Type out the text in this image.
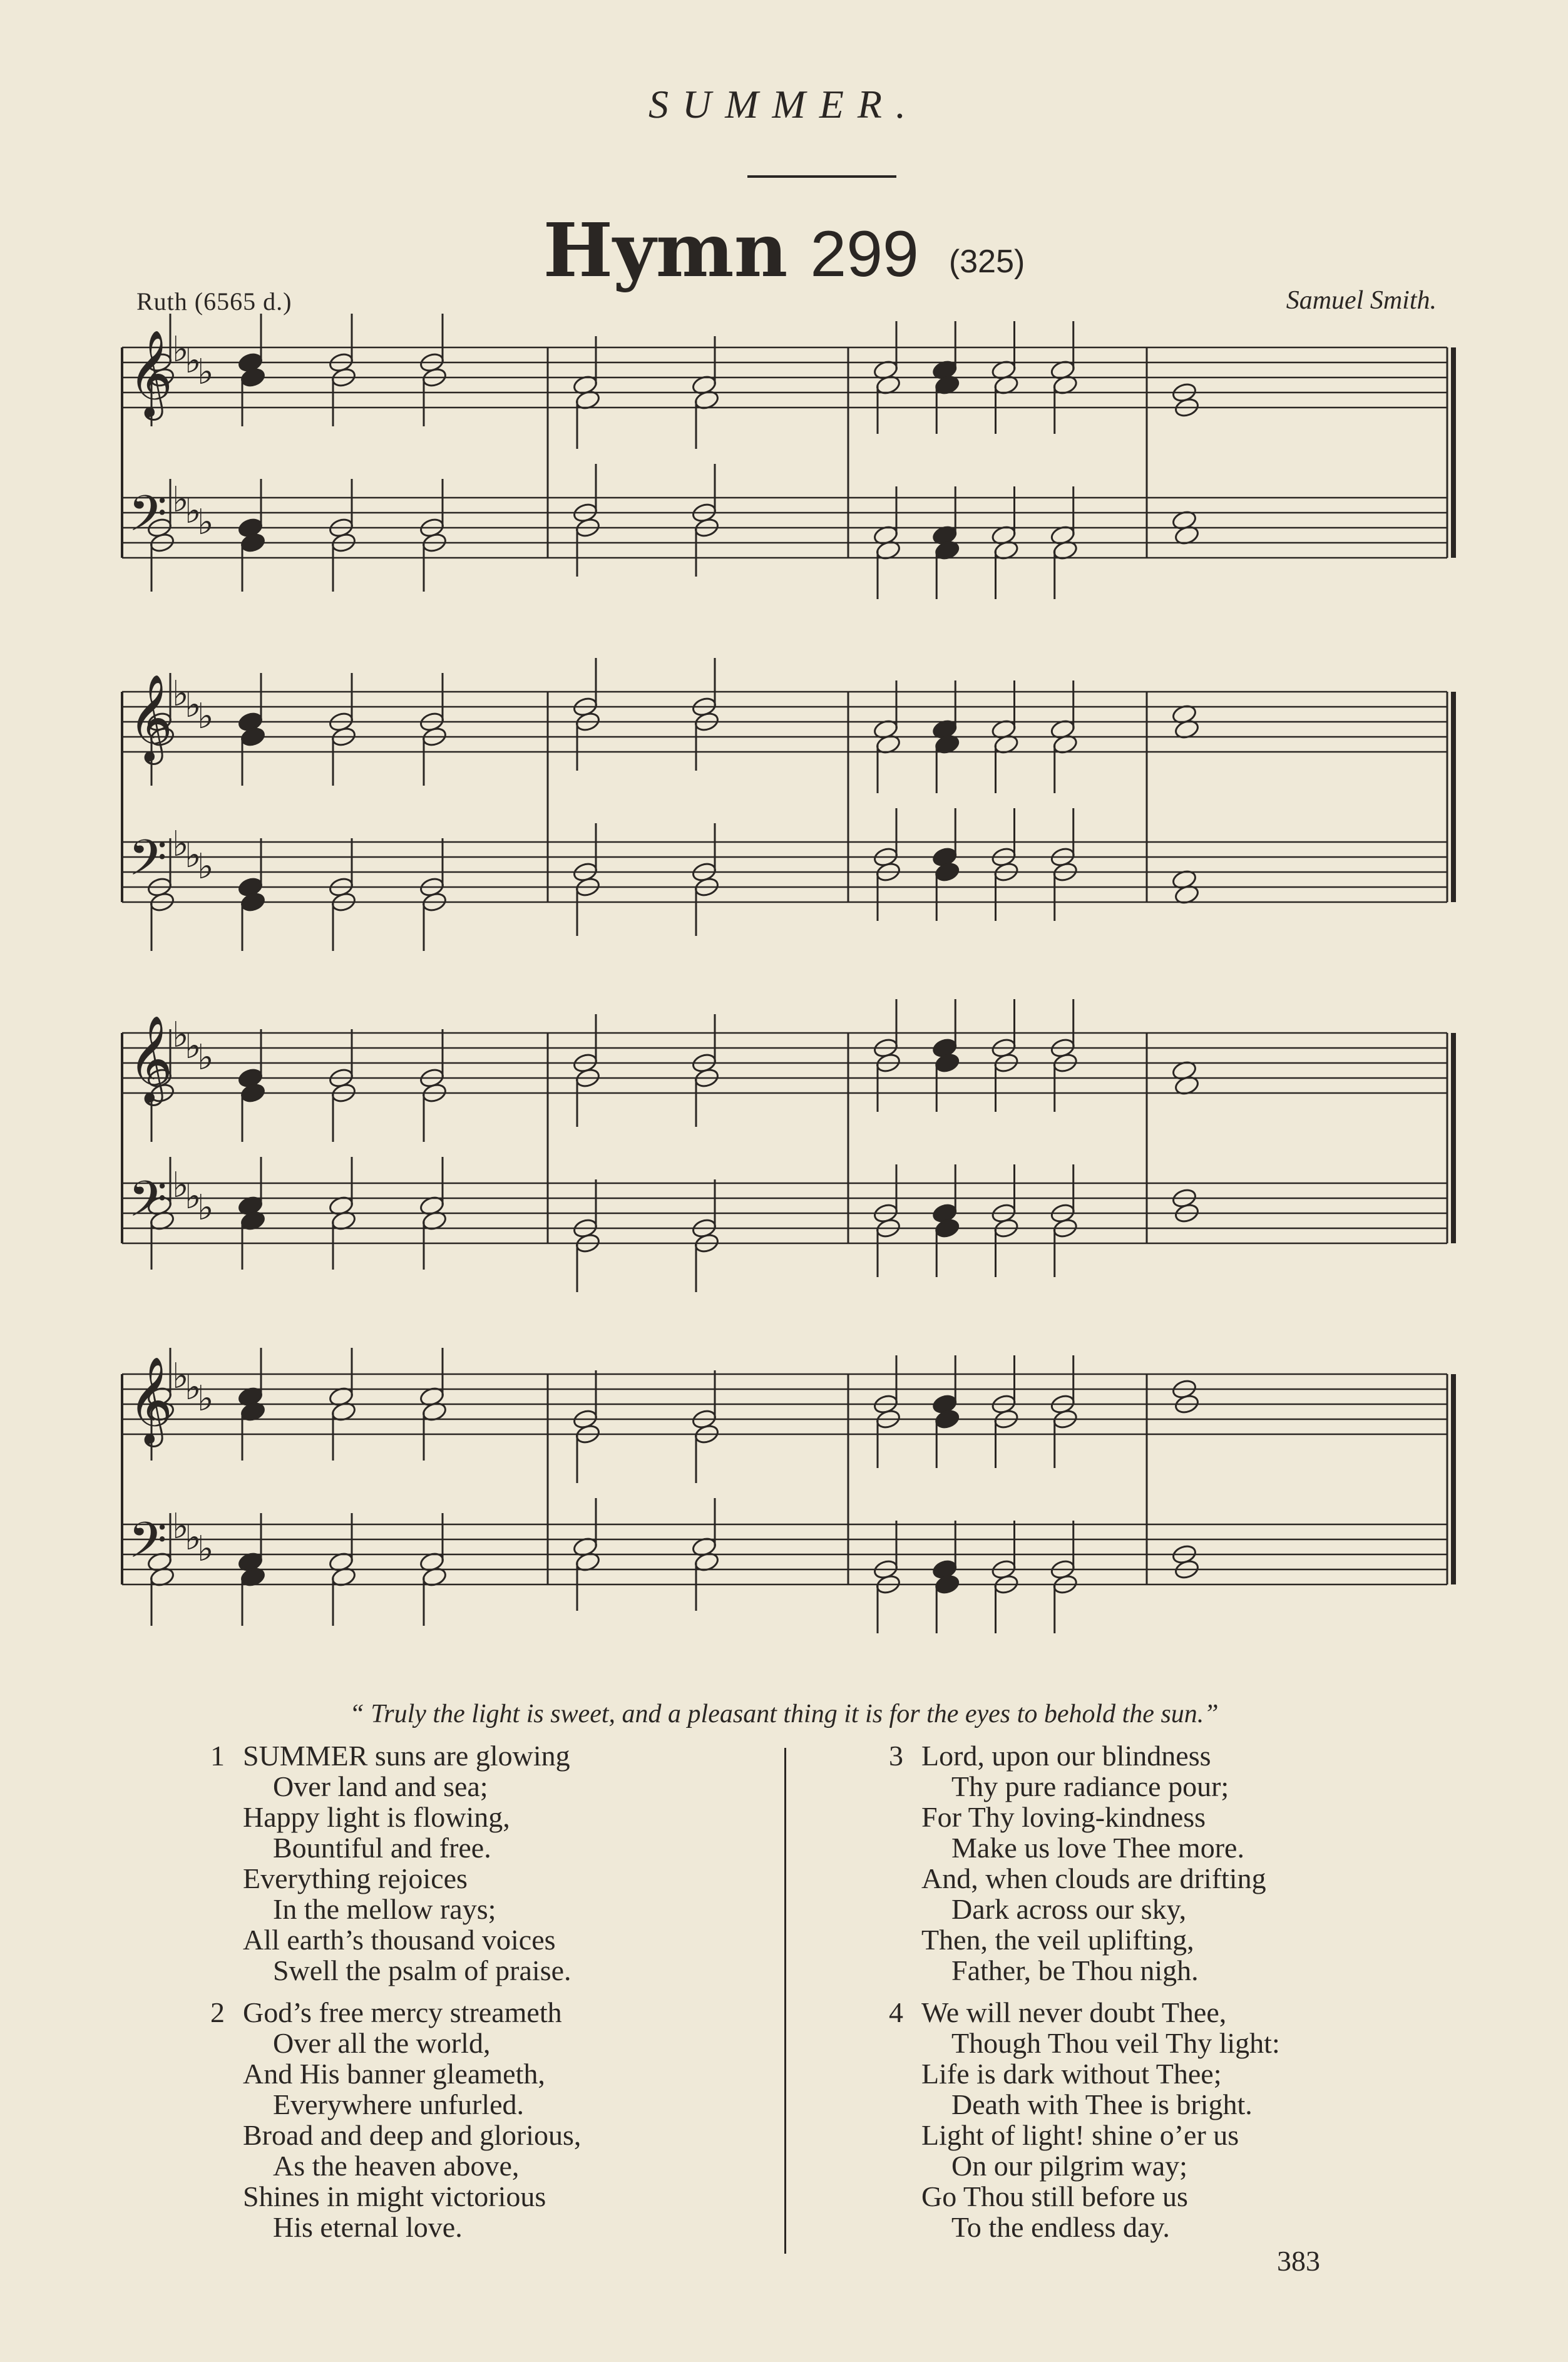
SUMMER.
Hymn 299 (325)
Ruth (6565 d.)	Samuel Smith.
𝄞 ♭
♭
♭
𝄢 ♭
♭
♭
𝄞 ♭
♭
♭
𝄢 ♭
♭
♭
𝄞 ♭
♭
♭
𝄢 ♭
♭
♭
𝄞 ♭
♭
♭
𝄢 ♭
♭
♭
“ Truly the light is sweet, and a pleasant thing it is for the eyes to behold the sun.”
1 SUMMER suns are glowing
Over land and sea;
Happy light is flowing,
Bountiful and free.
Everything rejoices
In the mellow rays;
All earth’s thousand voices
Swell the psalm of praise.
2 God’s free mercy streameth
Over all the world,
And His banner gleameth,
Everywhere unfurled.
Broad and deep and glorious,
As the heaven above,
Shines in might victorious
His eternal love.
3 Lord, upon our blindness
Thy pure radiance pour;
For Thy loving-kindness
Make us love Thee more.
And, when clouds are drifting
Dark across our sky,
Then, the veil uplifting,
Father, be Thou nigh.
4 We will never doubt Thee,
Though Thou veil Thy light:
Life is dark without Thee;
Death with Thee is bright.
Light of light! shine o’er us
On our pilgrim way;
Go Thou still before us
To the endless day.
383
